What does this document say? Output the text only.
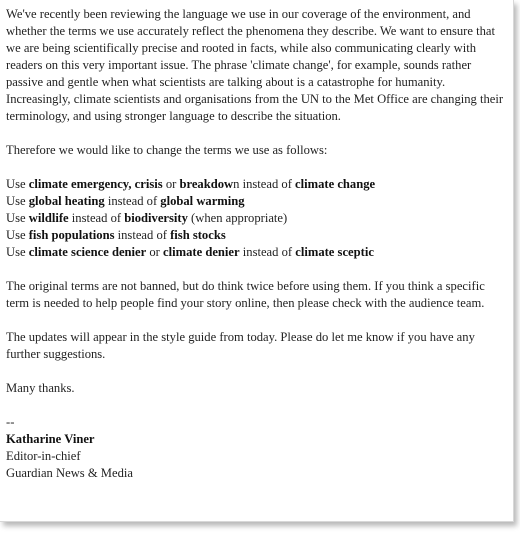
We've recently been reviewing the language we use in our coverage of the environment, and whether the terms we use accurately reflect the phenomena they describe. We want to ensure that we are being scientifically precise and rooted in facts, while also communicating clearly with readers on this very important issue. The phrase 'climate change', for example, sounds rather passive and gentle when what scientists are talking about is a catastrophe for humanity. Increasingly, climate scientists and organisations from the UN to the Met Office are changing their terminology, and using stronger language to describe the situation.

Therefore we would like to change the terms we use as follows:

Use climate emergency, crisis or breakdown instead of climate change

Use global heating instead of global warming

Use wildlife instead of biodiversity (when appropriate)

Use fish populations instead of fish stocks

Use climate science denier or climate denier instead of climate sceptic

The original terms are not banned, but do think twice before using them. If you think a specific term is needed to help people find your story online, then please check with the audience team.

The updates will appear in the style guide from today. Please do let me know if you have any further suggestions.

Many thanks.

--

Katharine Viner

Editor-in-chief

Guardian News & Media
